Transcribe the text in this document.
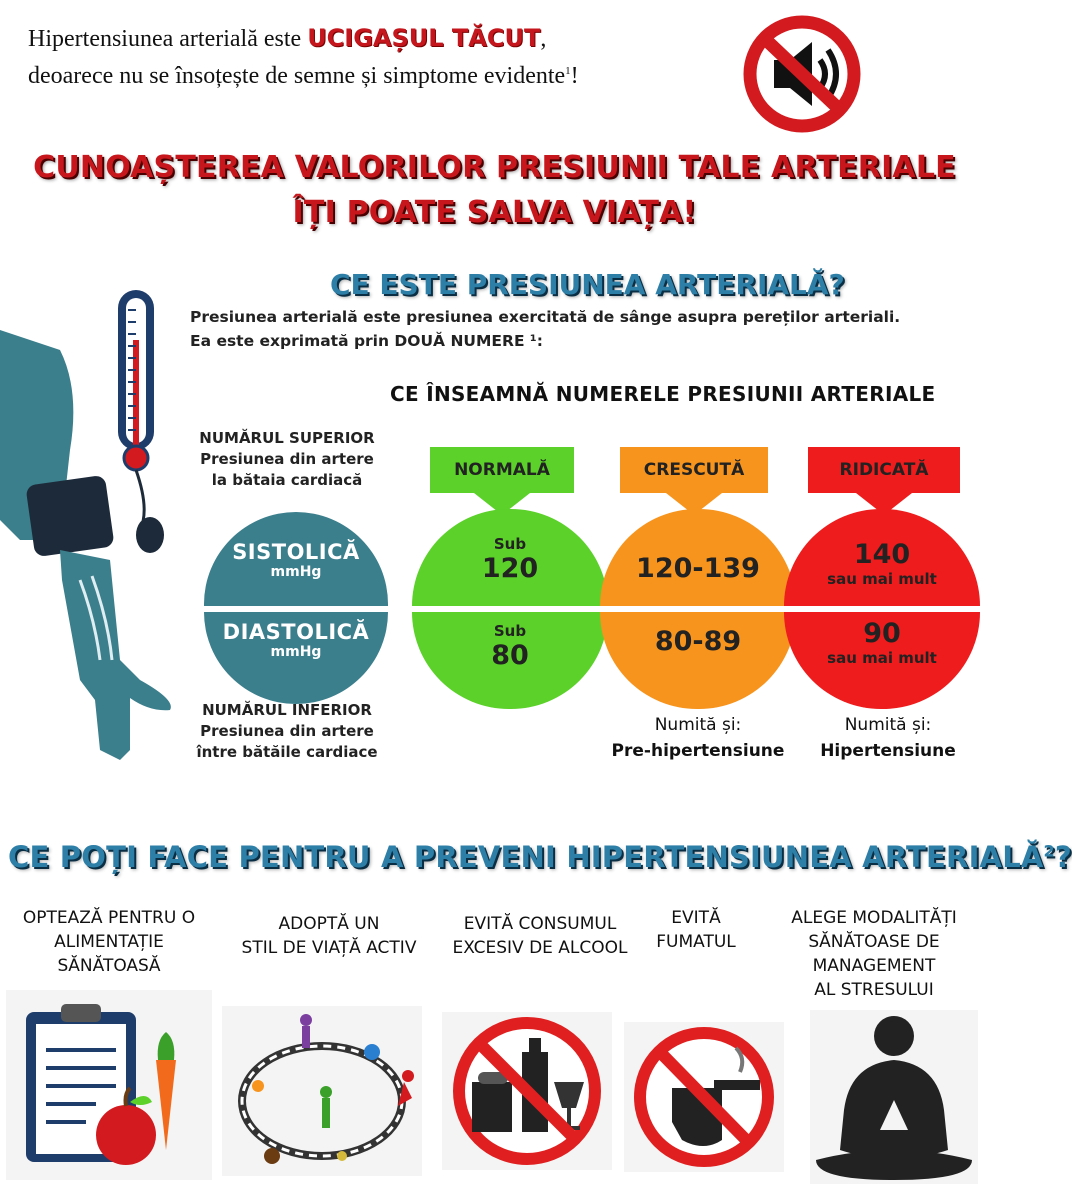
Hipertensiunea arterială este UCIGAȘUL TĂCUT,
deoarece nu se însoțește de semne și simptome evidente$^1$!
CUNOAȘTEREA VALORILOR PRESIUNII TALE ARTERIALE
ÎȚI POATE SALVA VIAȚA!
CE ESTE PRESIUNEA ARTERIALĂ?
Presiunea arterială este presiunea exercitată de sânge asupra pereților arteriali.
Ea este exprimată prin DOUĂ NUMERE ¹:
CE ÎNSEAMNĂ NUMERELE PRESIUNII ARTERIALE
NUMĂRUL SUPERIOR
Presiunea din artere
la bătaia cardiacă
SISTOLICĂ
mmHg
DIASTOLICĂ
mmHg
NUMĂRUL INFERIOR
Presiunea din artere
între bătăile cardiace
NORMALĂ
Sub
120
Sub
80
CRESCUTĂ
120-139
80-89
Numită și:
Pre-hipertensiune
RIDICATĂ
140
sau mai mult
90
sau mai mult
Numită și:
Hipertensiune
CE POȚI FACE PENTRU A PREVENI HIPERTENSIUNEA ARTERIALĂ$^2$?
OPTEAZĂ PENTRU O
ALIMENTAȚIE
SĂNĂTOASĂ
ADOPTĂ UN
STIL DE VIAȚĂ ACTIV
EVITĂ CONSUMUL
EXCESIV DE ALCOOL
EVITĂ
FUMATUL
ALEGE MODALITĂȚI
SĂNĂTOASE DE
MANAGEMENT
AL STRESULUI
